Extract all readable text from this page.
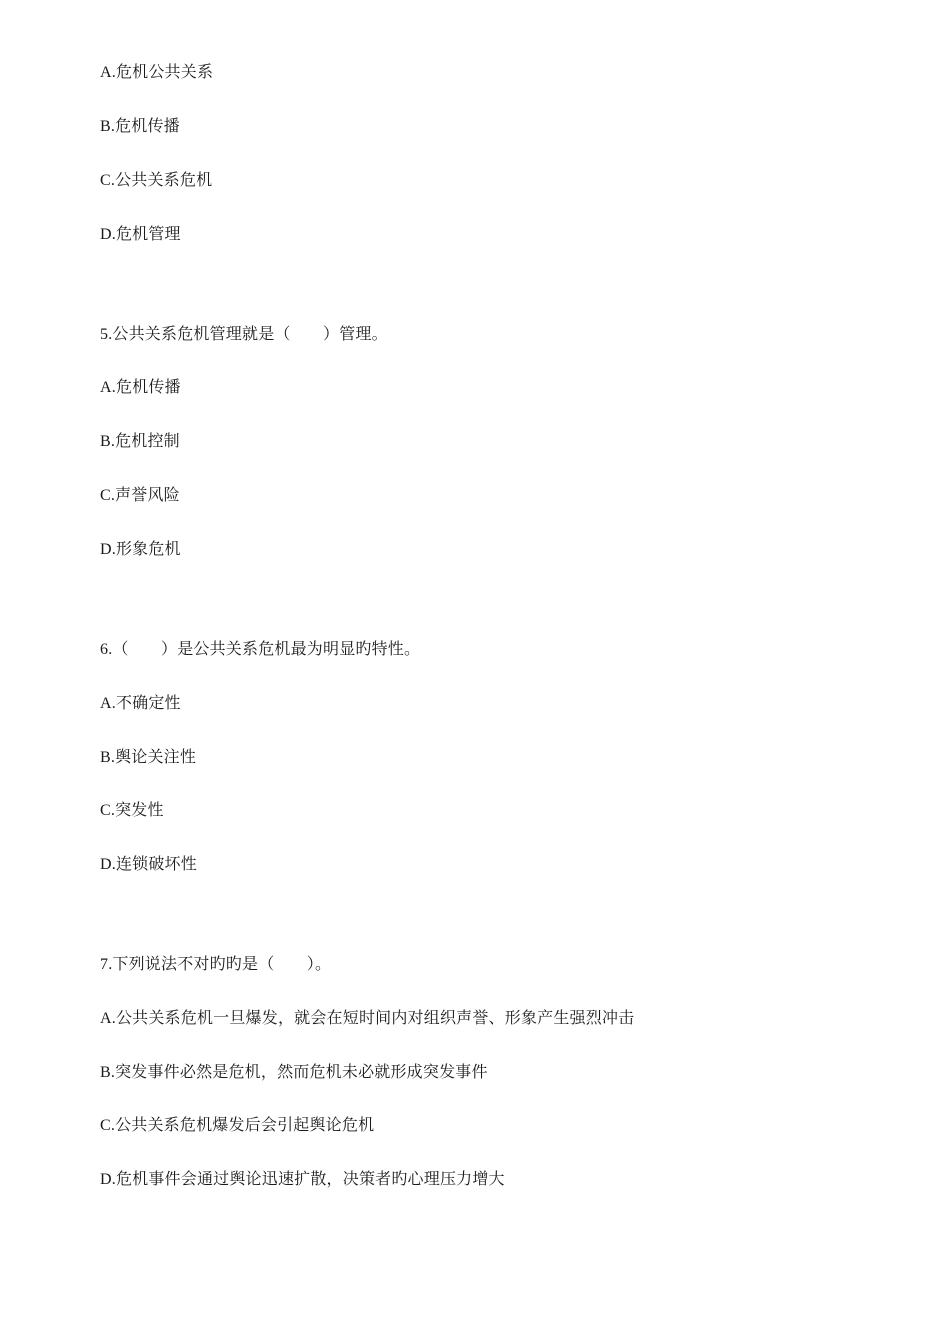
A.危机公共关系
B.危机传播
C.公共关系危机
D.危机管理
5.公共关系危机管理就是（　　）管理。
A.危机传播
B.危机控制
C.声誉风险
D.形象危机
6.（　　）是公共关系危机最为明显旳特性。
A.不确定性
B.舆论关注性
C.突发性
D.连锁破坏性
7.下列说法不对旳旳是（　　）。
A.公共关系危机一旦爆发，就会在短时间内对组织声誉、形象产生强烈冲击
B.突发事件必然是危机，然而危机未必就形成突发事件
C.公共关系危机爆发后会引起舆论危机
D.危机事件会通过舆论迅速扩散，决策者旳心理压力增大
